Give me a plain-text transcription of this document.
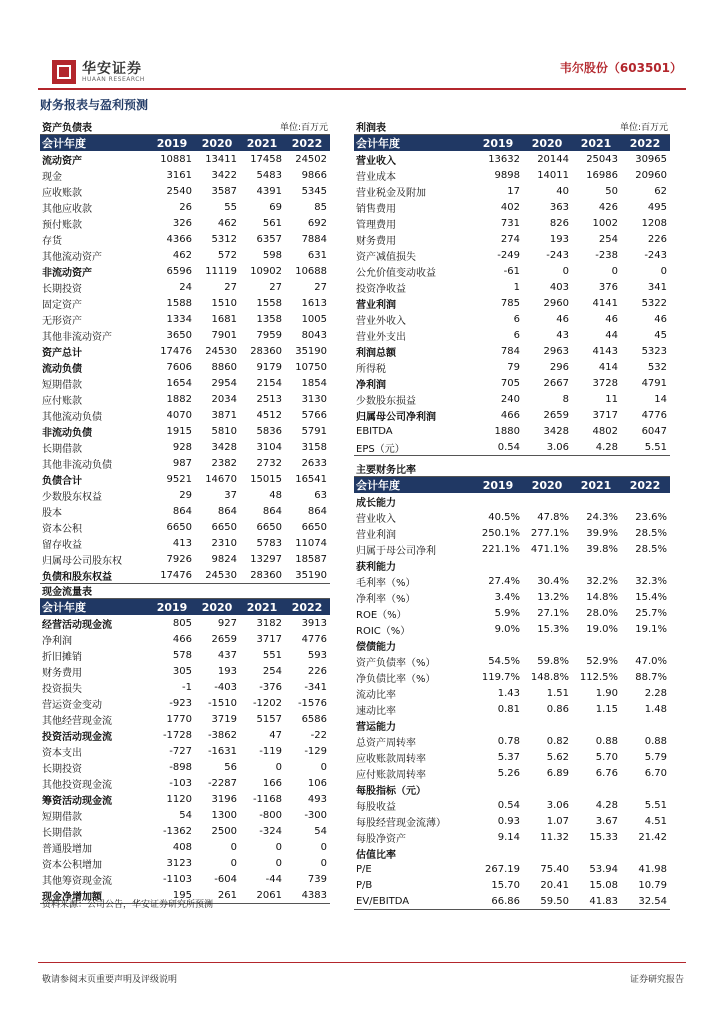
华安证券
HUAAN RESEARCH
韦尔股份（603501）
财务报表与盈利预测
资产负债表		单位:百万元		
会计年度	2019	2020	2021	2022
流动资产	10881	13411	17458	24502
现金	3161	3422	5483	9866
应收账款	2540	3587	4391	5345
其他应收款	26	55	69	85
预付账款	326	462	561	692
存货	4366	5312	6357	7884
其他流动资产	462	572	598	631
非流动资产	6596	11119	10902	10688
长期投资	24	27	27	27
固定资产	1588	1510	1558	1613
无形资产	1334	1681	1358	1005
其他非流动资产	3650	7901	7959	8043
资产总计	17476	24530	28360	35190
流动负债	7606	8860	9179	10750
短期借款	1654	2954	2154	1854
应付账款	1882	2034	2513	3130
其他流动负债	4070	3871	4512	5766
非流动负债	1915	5810	5836	5791
长期借款	928	3428	3104	3158
其他非流动负债	987	2382	2732	2633
负债合计	9521	14670	15015	16541
少数股东权益	29	37	48	63
股本	864	864	864	864
资本公积	6650	6650	6650	6650
留存收益	413	2310	5783	11074
归属母公司股东权	7926	9824	13297	18587
负债和股东权益	17476	24530	28360	35190
现金流量表				
会计年度	2019	2020	2021	2022
经营活动现金流	805	927	3182	3913
净利润	466	2659	3717	4776
折旧摊销	578	437	551	593
财务费用	305	193	254	226
投资损失	-1	-403	-376	-341
营运资金变动	-923	-1510	-1202	-1576
其他经营现金流	1770	3719	5157	6586
投资活动现金流	-1728	-3862	47	-22
资本支出	-727	-1631	-119	-129
长期投资	-898	56	0	0
其他投资现金流	-103	-2287	166	106
筹资活动现金流	1120	3196	-1168	493
短期借款	54	1300	-800	-300
长期借款	-1362	2500	-324	54
普通股增加	408	0	0	0
资本公积增加	3123	0	0	0
其他筹资现金流	-1103	-604	-44	739
现金净增加额	195	261	2061	4383
利润表		单位:百万元		
会计年度	2019	2020	2021	2022
营业收入	13632	20144	25043	30965
营业成本	9898	14011	16986	20960
营业税金及附加	17	40	50	62
销售费用	402	363	426	495
管理费用	731	826	1002	1208
财务费用	274	193	254	226
资产减值损失	-249	-243	-238	-243
公允价值变动收益	-61	0	0	0
投资净收益	1	403	376	341
营业利润	785	2960	4141	5322
营业外收入	6	46	46	46
营业外支出	6	43	44	45
利润总额	784	2963	4143	5323
所得税	79	296	414	532
净利润	705	2667	3728	4791
少数股东损益	240	8	11	14
归属母公司净利润	466	2659	3717	4776
EBITDA	1880	3428	4802	6047
EPS（元）	0.54	3.06	4.28	5.51
主要财务比率				
会计年度	2019	2020	2021	2022
成长能力				
营业收入	40.5%	47.8%	24.3%	23.6%
营业利润	250.1%	277.1%	39.9%	28.5%
归属于母公司净利	221.1%	471.1%	39.8%	28.5%
获利能力				
毛利率（%）	27.4%	30.4%	32.2%	32.3%
净利率（%）	3.4%	13.2%	14.8%	15.4%
ROE（%）	5.9%	27.1%	28.0%	25.7%
ROIC（%）	9.0%	15.3%	19.0%	19.1%
偿债能力				
资产负债率（%）	54.5%	59.8%	52.9%	47.0%
净负债比率（%）	119.7%	148.8%	112.5%	88.7%
流动比率	1.43	1.51	1.90	2.28
速动比率	0.81	0.86	1.15	1.48
营运能力				
总资产周转率	0.78	0.82	0.88	0.88
应收账款周转率	5.37	5.62	5.70	5.79
应付账款周转率	5.26	6.89	6.76	6.70
每股指标（元）				
每股收益	0.54	3.06	4.28	5.51
每股经营现金流薄）	0.93	1.07	3.67	4.51
每股净资产	9.14	11.32	15.33	21.42
估值比率				
P/E	267.19	75.40	53.94	41.98
P/B	15.70	20.41	15.08	10.79
EV/EBITDA	66.86	59.50	41.83	32.54
资料来源：公司公告，华安证券研究所预测
敬请参阅末页重要声明及评级说明	证券研究报告
